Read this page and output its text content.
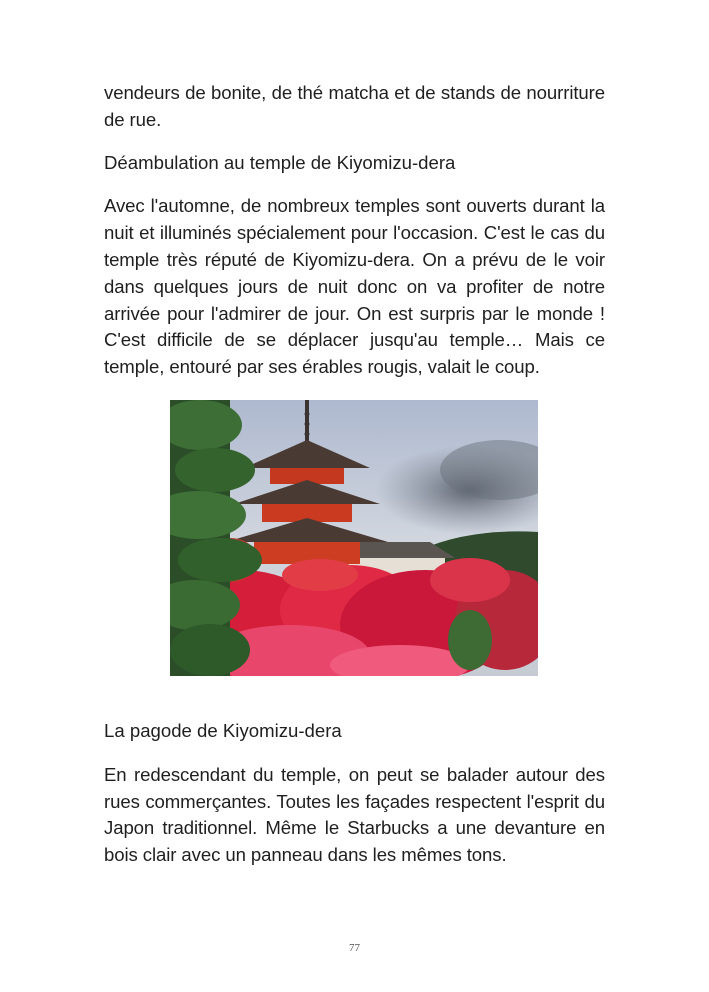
vendeurs de bonite, de thé matcha et de stands de nourriture de rue.

Déambulation au temple de Kiyomizu-dera

Avec l'automne, de nombreux temples sont ouverts durant la nuit et illuminés spécialement pour l'occasion. C'est le cas du temple très réputé de Kiyomizu-dera. On a prévu de le voir dans quelques jours de nuit donc on va profiter de notre arrivée pour l'admirer de jour. On est surpris par le monde ! C'est difficile de se déplacer jusqu'au temple… Mais ce temple, entouré par ses érables rougis, valait le coup.

La pagode de Kiyomizu-dera

En redescendant du temple, on peut se balader autour des rues commerçantes. Toutes les façades respectent l'esprit du Japon traditionnel. Même le Starbucks a une devanture en bois clair avec un panneau dans les mêmes tons.

77
